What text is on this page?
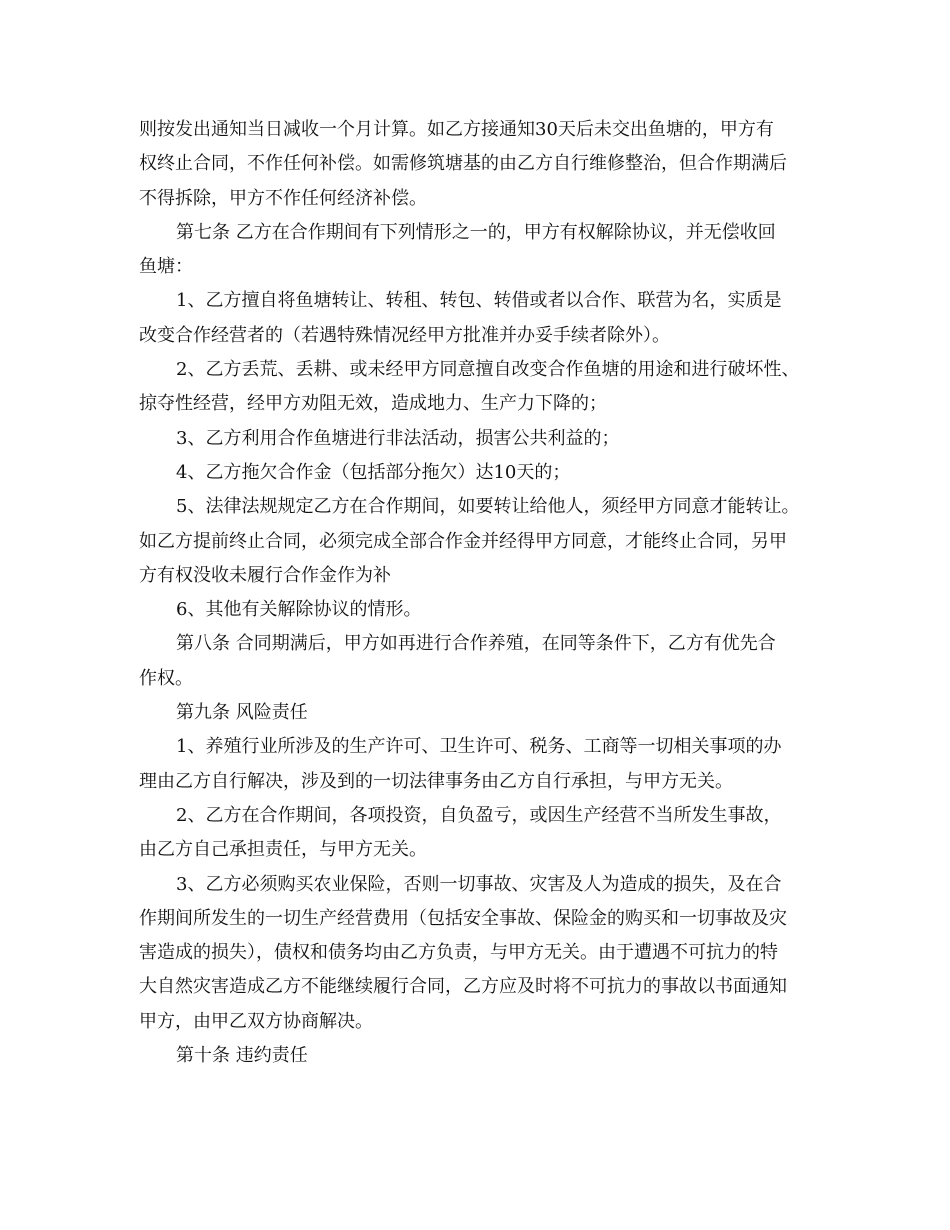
则按发出通知当日减收一个月计算。如乙方接通知30天后未交出鱼塘的，甲方有
权终止合同，不作任何补偿。如需修筑塘基的由乙方自行维修整治，但合作期满后
不得拆除，甲方不作任何经济补偿。
第七条 乙方在合作期间有下列情形之一的，甲方有权解除协议，并无偿收回
鱼塘：
1、乙方擅自将鱼塘转让、转租、转包、转借或者以合作、联营为名，实质是
改变合作经营者的（若遇特殊情况经甲方批准并办妥手续者除外）。
2、乙方丢荒、丢耕、或未经甲方同意擅自改变合作鱼塘的用途和进行破坏性、
掠夺性经营，经甲方劝阻无效，造成地力、生产力下降的；
3、乙方利用合作鱼塘进行非法活动，损害公共利益的；
4、乙方拖欠合作金（包括部分拖欠）达10天的；
5、法律法规规定乙方在合作期间，如要转让给他人，须经甲方同意才能转让。
如乙方提前终止合同，必须完成全部合作金并经得甲方同意，才能终止合同，另甲
方有权没收未履行合作金作为补
6、其他有关解除协议的情形。
第八条 合同期满后，甲方如再进行合作养殖，在同等条件下，乙方有优先合
作权。
第九条 风险责任
1、养殖行业所涉及的生产许可、卫生许可、税务、工商等一切相关事项的办
理由乙方自行解决，涉及到的一切法律事务由乙方自行承担，与甲方无关。
2、乙方在合作期间，各项投资，自负盈亏，或因生产经营不当所发生事故，
由乙方自己承担责任，与甲方无关。
3、乙方必须购买农业保险，否则一切事故、灾害及人为造成的损失，及在合
作期间所发生的一切生产经营费用（包括安全事故、保险金的购买和一切事故及灾
害造成的损失），债权和债务均由乙方负责，与甲方无关。由于遭遇不可抗力的特
大自然灾害造成乙方不能继续履行合同，乙方应及时将不可抗力的事故以书面通知
甲方，由甲乙双方协商解决。
第十条 违约责任
